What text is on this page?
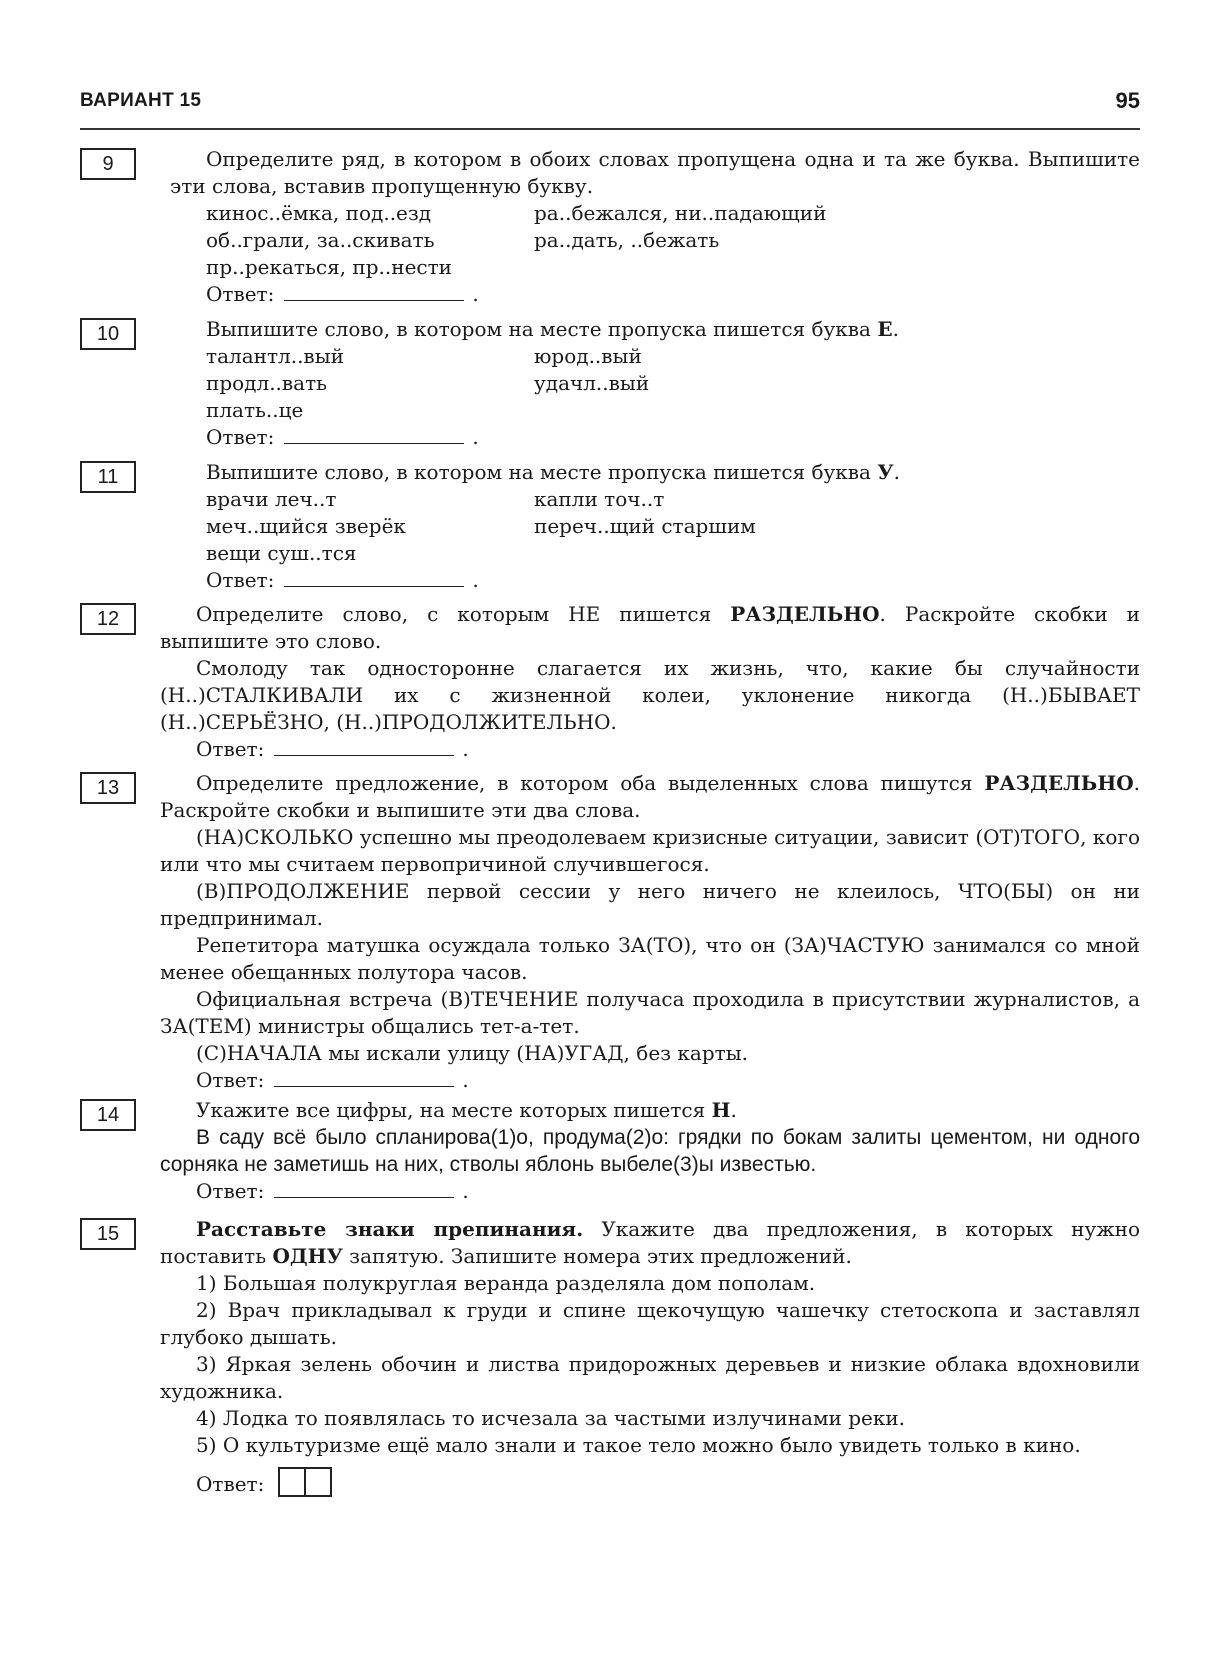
ВАРИАНТ 15	95
9	Определите ряд, в котором в обоих словах пропущена одна и та же буква. Выпишите эти слова, вставив пропущенную букву.
кинос..ёмка, под..езд	ра..бежался, ни..падающий
об..грали, за..скивать	ра..дать, ..бежать
пр..рекаться, пр..нести
Ответ:	.
10	Выпишите слово, в котором на месте пропуска пишется буква Е.
талантл..вый	юрод..вый
продл..вать	удачл..вый
плать..це
Ответ:	.
11	Выпишите слово, в котором на месте пропуска пишется буква У.
врачи леч..т	капли точ..т
меч..щийся зверёк	переч..щий старшим
вещи суш..тся
Ответ:	.
12	Определите слово, с которым НЕ пишется РАЗДЕЛЬНО. Раскройте скобки и выпишите это слово.
Смолоду так односторонне слагается их жизнь, что, какие бы случайности (Н..)СТАЛКИВАЛИ их с жизненной колеи, уклонение никогда (Н..)БЫВАЕТ (Н..)СЕРЬЁЗНО, (Н..)ПРОДОЛЖИТЕЛЬНО.
Ответ:	.
13	Определите предложение, в котором оба выделенных слова пишутся РАЗДЕЛЬНО. Раскройте скобки и выпишите эти два слова.
(НА)СКОЛЬКО успешно мы преодолеваем кризисные ситуации, зависит (ОТ)ТОГО, кого или что мы считаем первопричиной случившегося.
(В)ПРОДОЛЖЕНИЕ первой сессии у него ничего не клеилось, ЧТО(БЫ) он ни предпринимал.
Репетитора матушка осуждала только ЗА(ТО), что он (ЗА)ЧАСТУЮ занимался со мной менее обещанных полутора часов.
Официальная встреча (В)ТЕЧЕНИЕ получаса проходила в присутствии журналистов, а ЗА(ТЕМ) министры общались тет-а-тет.
(С)НАЧАЛА мы искали улицу (НА)УГАД, без карты.
Ответ:	.
14	Укажите все цифры, на месте которых пишется Н.
В саду всё было спланирова(1)о, продума(2)о: грядки по бокам залиты цементом, ни одного сорняка не заметишь на них, стволы яблонь выбеле(3)ы известью.
Ответ:	.
15	Расставьте знаки препинания. Укажите два предложения, в которых нужно поставить ОДНУ запятую. Запишите номера этих предложений.
1) Большая полукруглая веранда разделяла дом пополам.
2) Врач прикладывал к груди и спине щекочущую чашечку стетоскопа и заставлял глубоко дышать.
3) Яркая зелень обочин и листва придорожных деревьев и низкие облака вдохновили художника.
4) Лодка то появлялась то исчезала за частыми излучинами реки.
5) О культуризме ещё мало знали и такое тело можно было увидеть только в кино.
Ответ:
